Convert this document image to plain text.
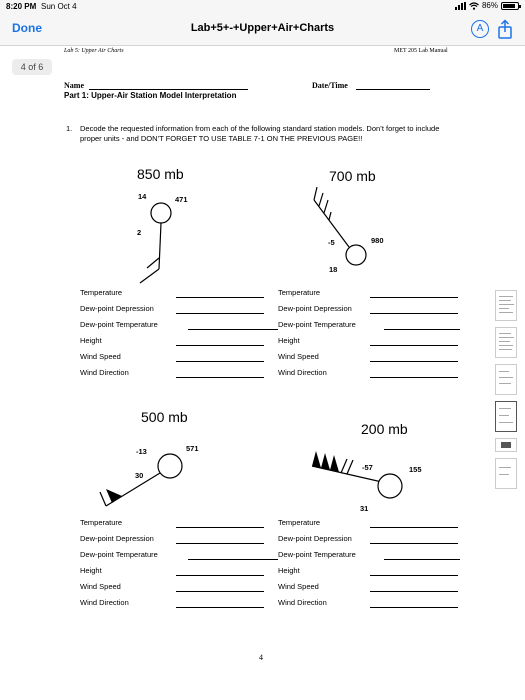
8:20 PM Sun Oct 4	86%
Done	Lab+5+-+Upper+Air+Charts	A
Lab 5: Upper Air Charts	MET 205 Lab Manual
Name	Date/Time
Part 1: Upper-Air Station Model Interpretation
1. Decode the requested information from each of the following standard station models. Don’t forget to include proper units - and DON’T FORGET TO USE TABLE 7-1 ON THE PREVIOUS PAGE!!
850 mb
14	471
2
700 mb
-5	980
18
500 mb
-13	571
30
200 mb
-57	155
31
Temperature
Dew-point Depression
Dew-point Temperature
Height
Wind Speed
Wind Direction
Temperature
Dew-point Depression
Dew-point Temperature
Height
Wind Speed
Wind Direction
Temperature
Dew-point Depression
Dew-point Temperature
Height
Wind Speed
Wind Direction
Temperature
Dew-point Depression
Dew-point Temperature
Height
Wind Speed
Wind Direction
4
4 of 6
